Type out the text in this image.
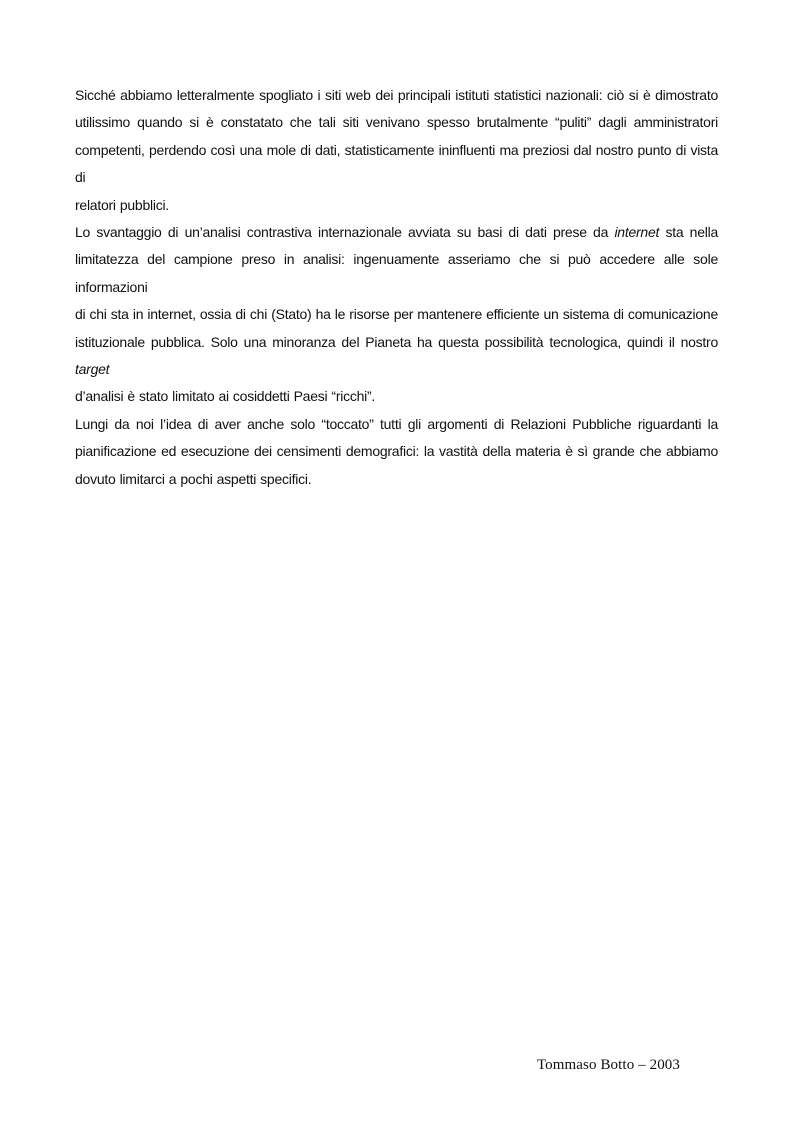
Sicché abbiamo letteralmente spogliato i siti web dei principali istituti statistici nazionali: ciò si è dimostrato
utilissimo quando si è constatato che tali siti venivano spesso brutalmente “puliti” dagli amministratori
competenti, perdendo così una mole di dati, statisticamente ininfluenti ma preziosi dal nostro punto di vista di
relatori pubblici.

Lo svantaggio di un’analisi contrastiva internazionale avviata su basi di dati prese da internet sta nella
limitatezza del campione preso in analisi: ingenuamente asseriamo che si può accedere alle sole informazioni
di chi sta in internet, ossia di chi (Stato) ha le risorse per mantenere efficiente un sistema di comunicazione
istituzionale pubblica. Solo una minoranza del Pianeta ha questa possibilità tecnologica, quindi il nostro target
d’analisi è stato limitato ai cosiddetti Paesi “ricchi”.

Lungi da noi l’idea di aver anche solo “toccato” tutti gli argomenti di Relazioni Pubbliche riguardanti la
pianificazione ed esecuzione dei censimenti demografici: la vastità della materia è sì grande che abbiamo
dovuto limitarci a pochi aspetti specifici.

Tommaso Botto – 2003
